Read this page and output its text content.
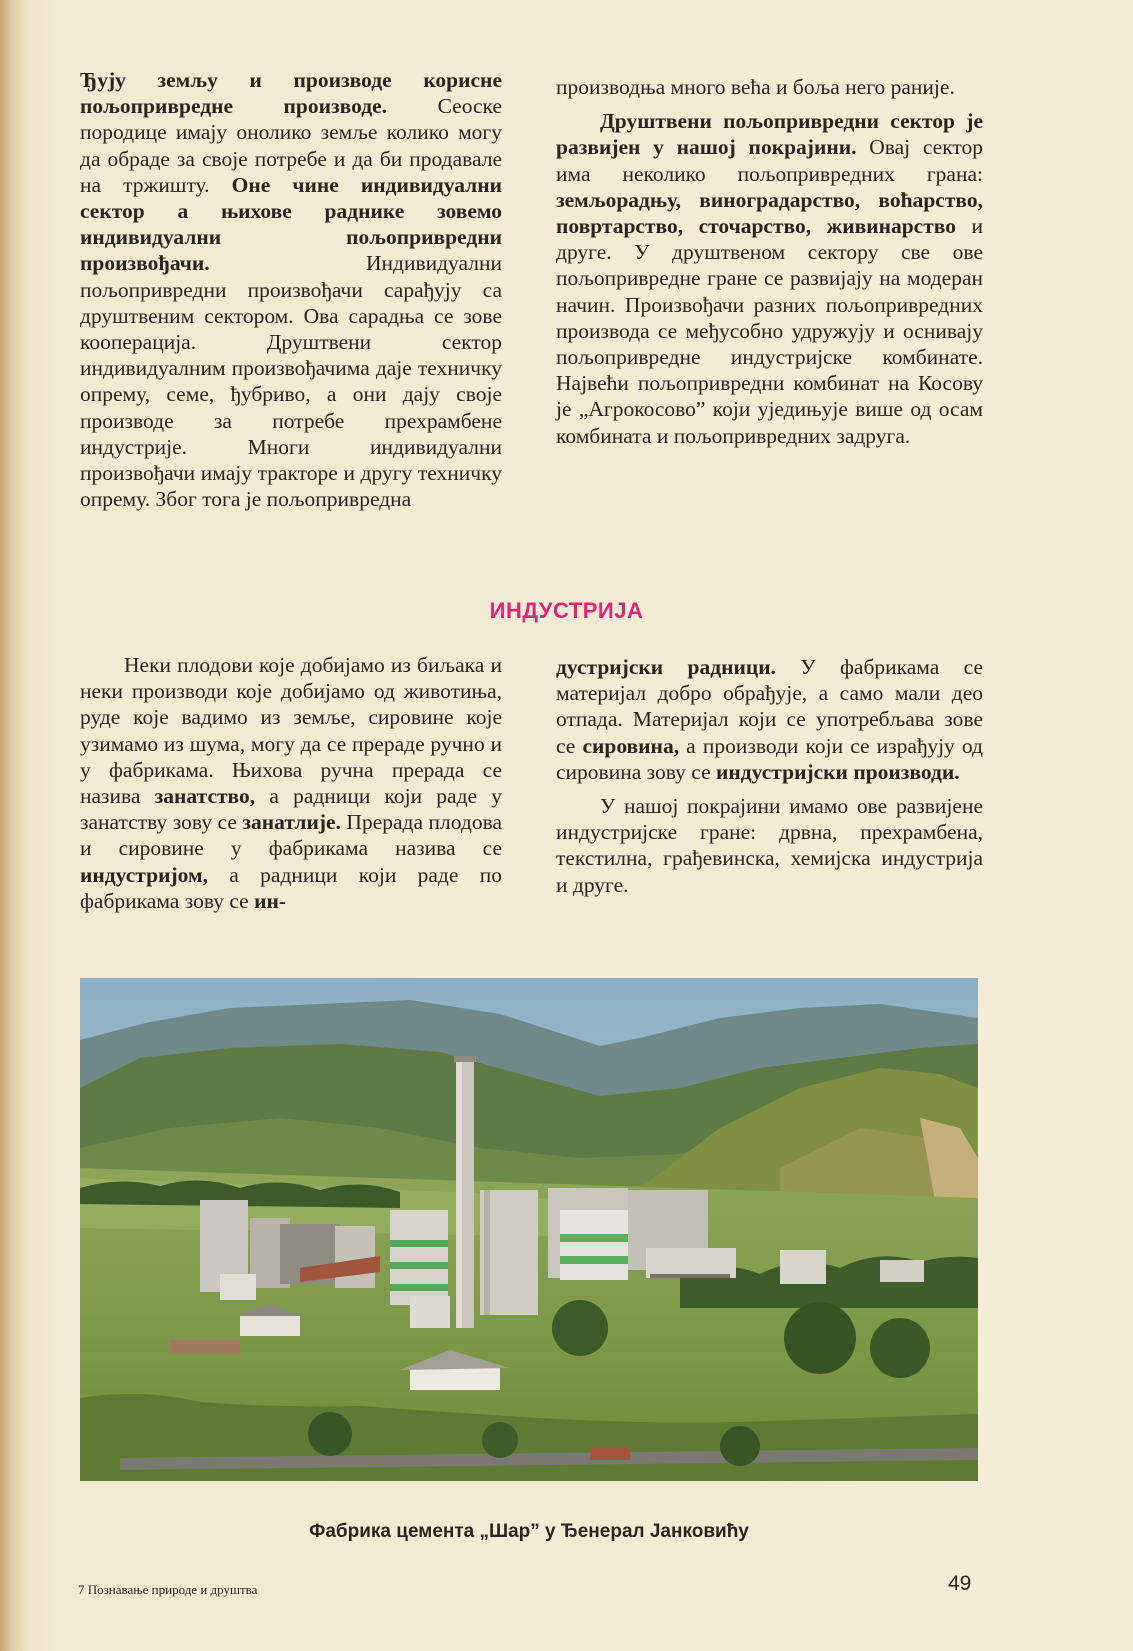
Ђују земљу и производе корисне пољопривредне производе. Сеоске породице имају онолико земље колико могу да обраде за своје потребе и да би продавале на тржишту. Оне чине индивидуални сектор а њихове раднике зовемо индивидуални пољопривредни произвођачи. Индивидуални пољопривредни произвођачи сарађују са друштвеним сектором. Ова сарадња се зове кооперација. Друштвени сектор индивидуалним произвођачима даје техничку опрему, семе, ђубриво, а они дају своје производе за потребе прехрамбене индустрије. Многи индивидуални произвођачи имају тракторе и другу техничку опрему. Због тога је пољопривредна

производња много већа и боља него раније.

Друштвени пољопривредни сектор је развијен у нашој покрајини. Овај сектор има неколико пољопривредних грана: земљорадњу, виноградарство, воћарство, повртарство, сточарство, живинарство и друге. У друштвеном сектору све ове пољопривредне гране се развијају на модеран начин. Произвођачи разних пољопривредних производа се међусобно удружују и оснивају пољопривредне индустријске комбинате. Највећи пољопривредни комбинат на Косову је „Агрокосово” који уједињује више од осам комбината и пољопривредних задруга.

ИНДУСТРИЈА

Неки плодови које добијамо из биљака и неки производи које добијамо од животиња, руде које вадимо из земље, сировине које узимамо из шума, могу да се прераде ручно и у фабрикама. Њихова ручна прерада се назива занатство, а радници који раде у занатству зову се занатлије. Прерада плодова и сировине у фабрикама назива се индустријом, а радници који раде по фабрикама зову се ин-

дустријски радници. У фабрикама се материјал добро обрађује, а само мали део отпада. Материјал који се употребљава зове се сировина, а производи који се израђују од сировина зову се индустријски производи.

У нашој покрајини имамо ове развијене индустријске гране: дрвна, прехрамбена, текстилна, грађевинска, хемијска индустрија и друге.

Фабрика цемента „Шар” у Ђенерал Јанковићу
7 Познавање природе и друштва	49
